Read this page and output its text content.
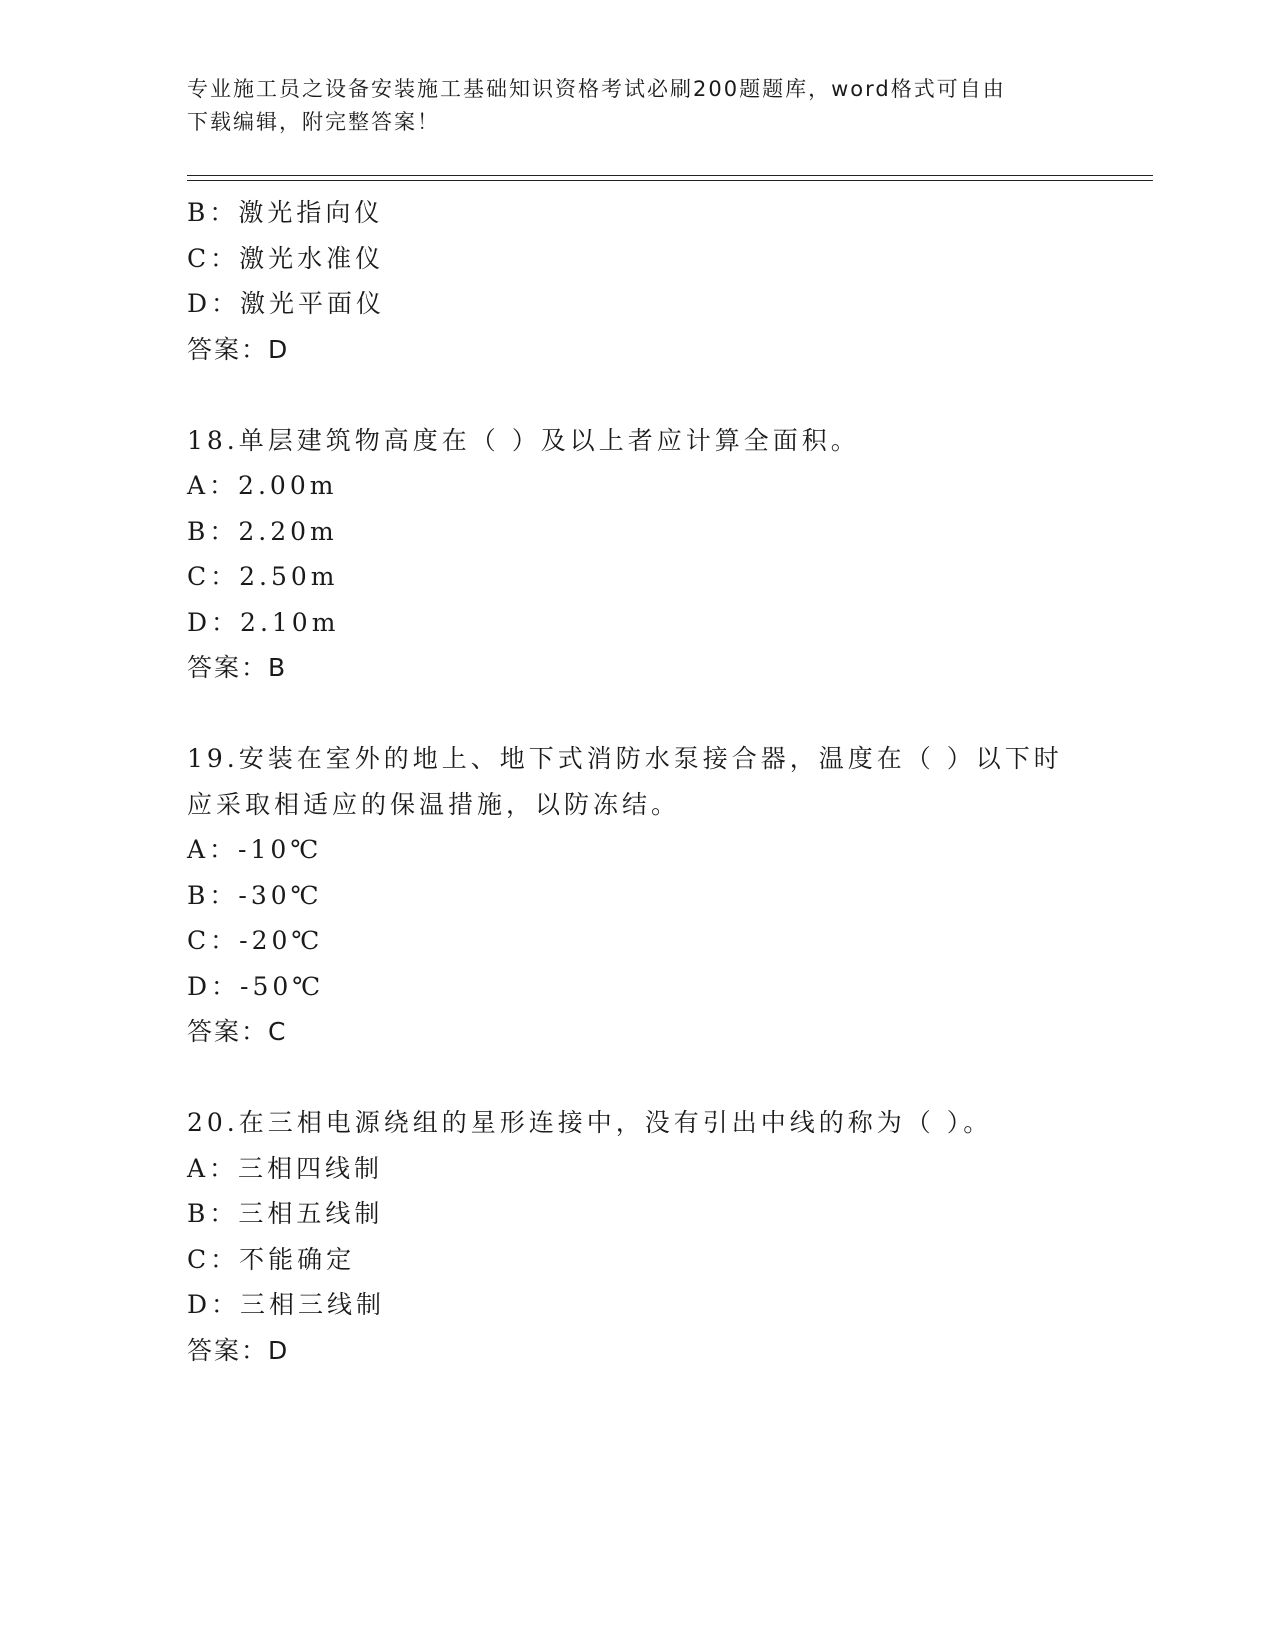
专业施工员之设备安装施工基础知识资格考试必刷200题题库，word格式可自由
下载编辑，附完整答案！
B：激光指向仪
C：激光水准仪
D：激光平面仪
答案：D
18.单层建筑物高度在（ ）及以上者应计算全面积。
A：2.00m
B：2.20m
C：2.50m
D：2.10m
答案：B
19.安装在室外的地上、地下式消防水泵接合器，温度在（ ）以下时
应采取相适应的保温措施，以防冻结。
A：-10℃
B：-30℃
C：-20℃
D：-50℃
答案：C
20.在三相电源绕组的星形连接中，没有引出中线的称为（ ）。
A：三相四线制
B：三相五线制
C：不能确定
D：三相三线制
答案：D
